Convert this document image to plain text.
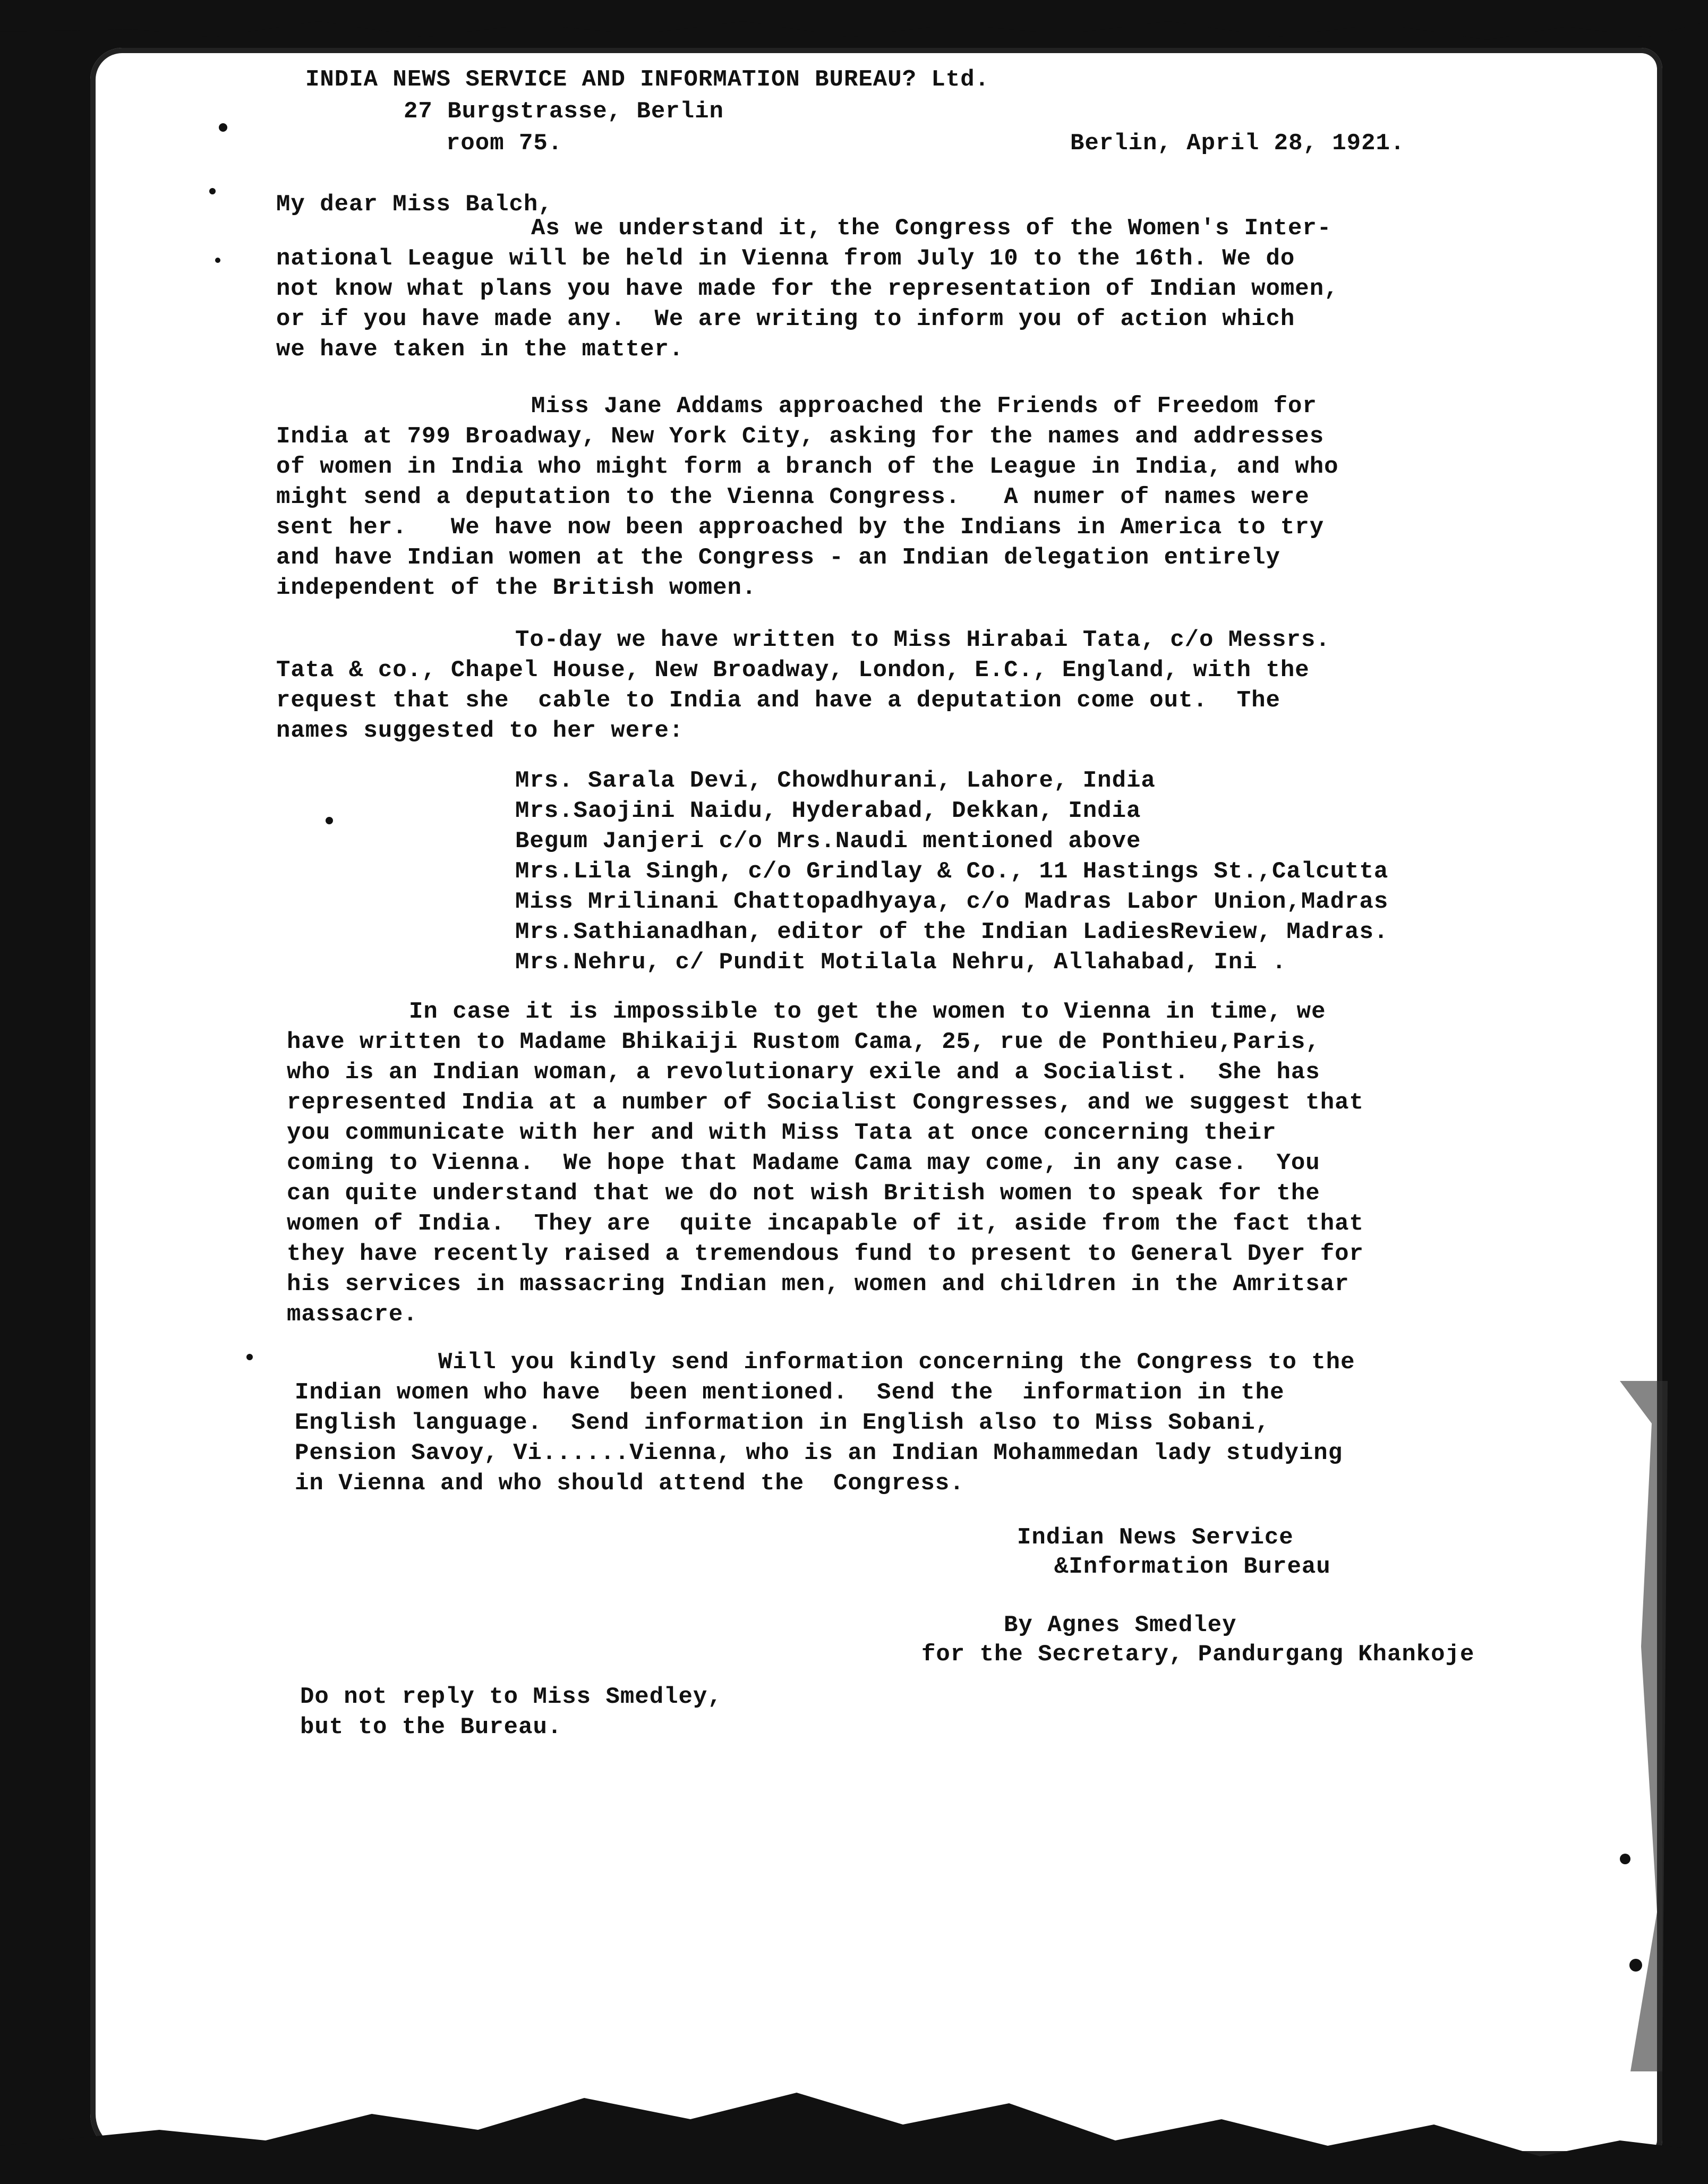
INDIA NEWS SERVICE AND INFORMATION BUREAU? Ltd.
27 Burgstrasse, Berlin
room 75.	Berlin, April 28, 1921.
My dear Miss Balch,
As we understand it, the Congress of the Women's Inter-
national League will be held in Vienna from July 10 to the 16th. We do
not know what plans you have made for the representation of Indian women,
or if you have made any.  We are writing to inform you of action which
we have taken in the matter.
Miss Jane Addams approached the Friends of Freedom for
India at 799 Broadway, New York City, asking for the names and addresses
of women in India who might form a branch of the League in India, and who
might send a deputation to the Vienna Congress.   A numer of names were
sent her.   We have now been approached by the Indians in America to try
and have Indian women at the Congress - an Indian delegation entirely
independent of the British women.
To-day we have written to Miss Hirabai Tata, c/o Messrs.
Tata & co., Chapel House, New Broadway, London, E.C., England, with the
request that she  cable to India and have a deputation come out.  The
names suggested to her were:
Mrs. Sarala Devi, Chowdhurani, Lahore, India
Mrs.Saojini Naidu, Hyderabad, Dekkan, India
Begum Janjeri c/o Mrs.Naudi mentioned above
Mrs.Lila Singh, c/o Grindlay & Co., 11 Hastings St.,Calcutta
Miss Mrilinani Chattopadhyaya, c/o Madras Labor Union,Madras
Mrs.Sathianadhan, editor of the Indian LadiesReview, Madras.
Mrs.Nehru, c/ Pundit Motilala Nehru, Allahabad, Ini .
In case it is impossible to get the women to Vienna in time, we
have written to Madame Bhikaiji Rustom Cama, 25, rue de Ponthieu,Paris,
who is an Indian woman, a revolutionary exile and a Socialist.  She has
represented India at a number of Socialist Congresses, and we suggest that
you communicate with her and with Miss Tata at once concerning their
coming to Vienna.  We hope that Madame Cama may come, in any case.  You
can quite understand that we do not wish British women to speak for the
women of India.  They are  quite incapable of it, aside from the fact that
they have recently raised a tremendous fund to present to General Dyer for
his services in massacring Indian men, women and children in the Amritsar
massacre.
Will you kindly send information concerning the Congress to the
Indian women who have  been mentioned.  Send the  information in the
English language.  Send information in English also to Miss Sobani,
Pension Savoy, Vi......Vienna, who is an Indian Mohammedan lady studying
in Vienna and who should attend the  Congress.
Indian News Service
&Information Bureau
By Agnes Smedley
for the Secretary, Pandurgang Khankoje
Do not reply to Miss Smedley,
but to the Bureau.
